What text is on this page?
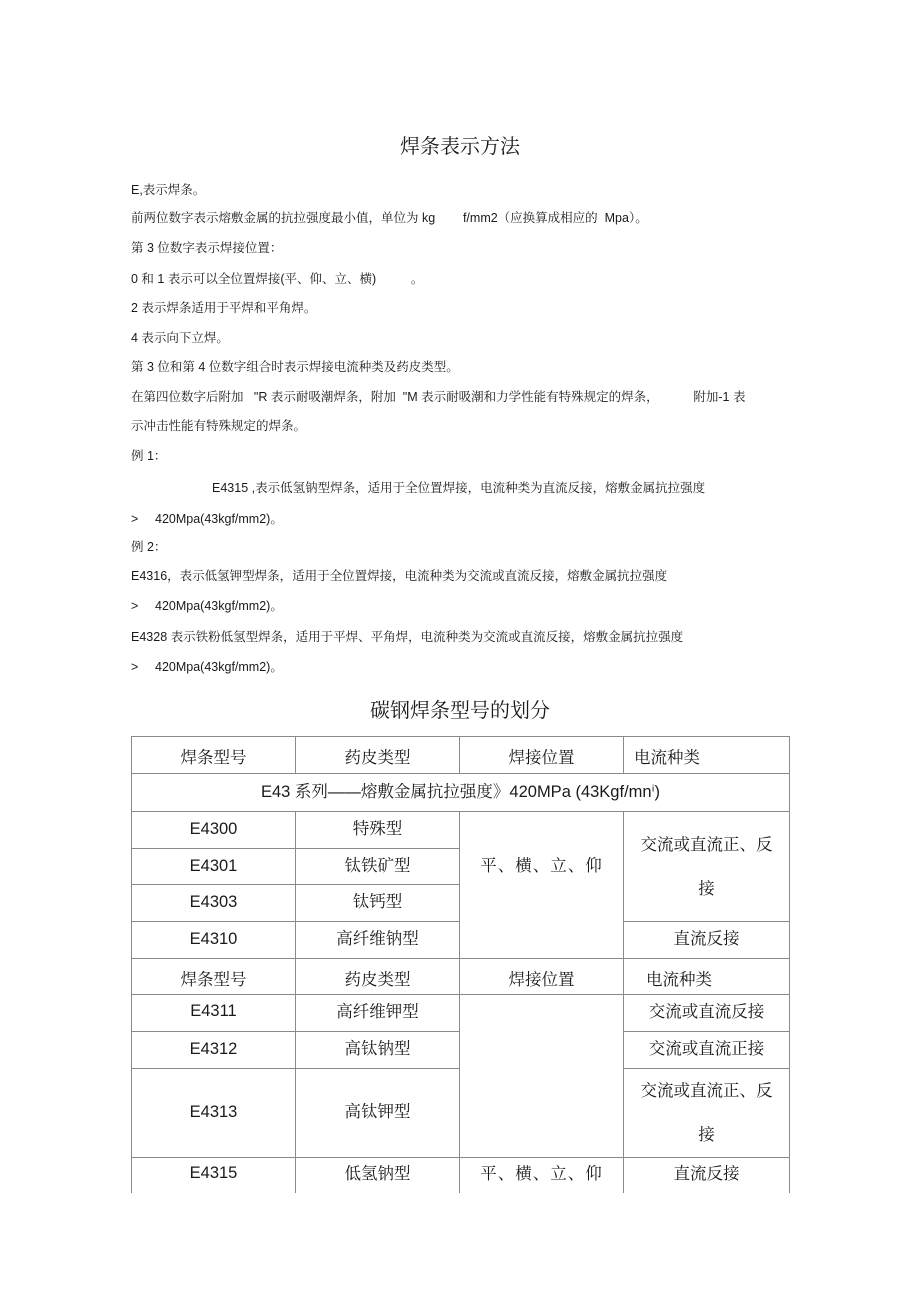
焊条表示方法
E,表示焊条。
前两位数字表示熔敷金属的抗拉强度最小值，单位为 kg        f/mm2（应换算成相应的  Mpa）。
第 3 位数字表示焊接位置：
0 和 1 表示可以全位置焊接(平、仰、立、横)          。
2 表示焊条适用于平焊和平角焊。
4 表示向下立焊。
第 3 位和第 4 位数字组合时表示焊接电流种类及药皮类型。
在第四位数字后附加   "R 表示耐吸潮焊条，附加  "M 表示耐吸潮和力学性能有特殊规定的焊条，          附加-1 表
示冲击性能有特殊规定的焊条。
例 1：
E4315 ,表示低氢钠型焊条，适用于全位置焊接，电流种类为直流反接，熔敷金属抗拉强度
> 420Mpa(43kgf/mm2)。
例 2：
E4316，表示低氢钾型焊条，适用于全位置焊接，电流种类为交流或直流反接，熔敷金属抗拉强度
> 420Mpa(43kgf/mm2)。
E4328 表示铁粉低氢型焊条，适用于平焊、平角焊，电流种类为交流或直流反接，熔敷金属抗拉强度
> 420Mpa(43kgf/mm2)。
碳钢焊条型号的划分
焊条型号	药皮类型	焊接位置	电流种类
E43 系列——熔敷金属抗拉强度》420MPa (43Kgf/mnⁱ)			
E4300	特殊型	平、横、立、仰	交流或直流正、反接
E4301	钛铁矿型		
E4303	钛钙型		
E4310	高纤维钠型		直流反接
焊条型号	药皮类型	焊接位置	电流种类
E4311	高纤维钾型		交流或直流反接
E4312	高钛钠型		交流或直流正接
E4313	高钛钾型		交流或直流正、反接
E4315	低氢钠型	平、横、立、仰	直流反接
